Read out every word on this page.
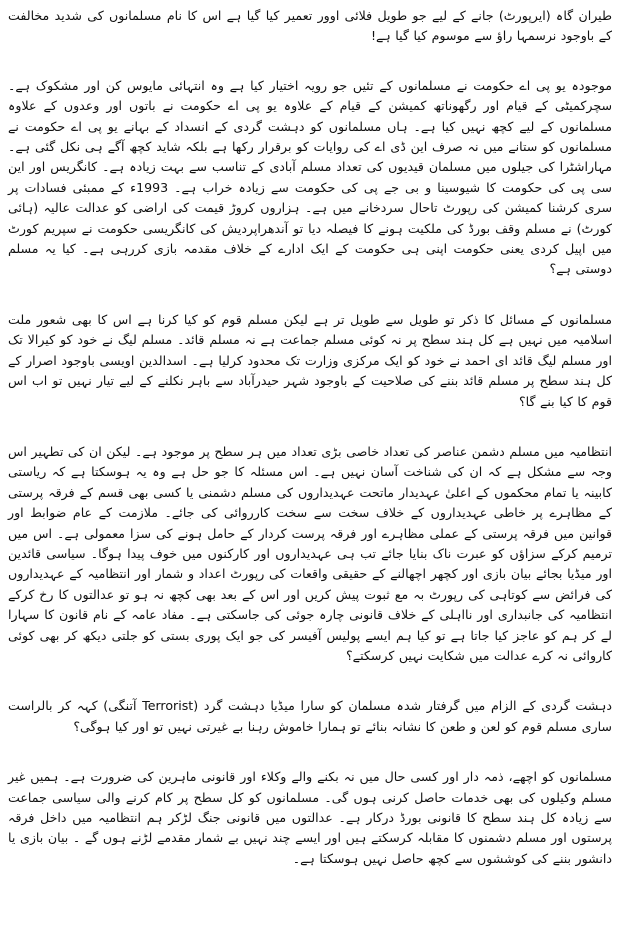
طیران گاہ (ایرپورٹ) جانے کے لیے جو طویل فلائی اوور تعمیر کیا گیا ہے اس کا نام مسلمانوں کی شدید مخالفت کے باوجود نرسمہا راؤ سے موسوم کیا گیا ہے!

موجودہ یو پی اے حکومت نے مسلمانوں کے تئیں جو رویہ اختیار کیا ہے وہ انتہائی مایوس کن اور مشکوک ہے۔ سچرکمیٹی کے قیام اور رگھوناتھ کمیشن کے قیام کے علاوہ یو پی اے حکومت نے باتوں اور وعدوں کے علاوہ مسلمانوں کے لیے کچھ نہیں کیا ہے۔ ہاں مسلمانوں کو دہشت گردی کے انسداد کے بہانے یو پی اے حکومت نے مسلمانوں کو ستانے میں نہ صرف این ڈی اے کی روایات کو برقرار رکھا ہے بلکہ شاید کچھ آگے ہی نکل گئی ہے۔ مہاراشٹرا کی جیلوں میں مسلمان قیدیوں کی تعداد مسلم آبادی کے تناسب سے بہت زیادہ ہے۔ کانگریس اور این سی پی کی حکومت کا شیوسینا و بی جے پی کی حکومت سے زیادہ خراب ہے۔ 1993ء کے ممبئی فسادات پر سری کرشنا کمیشن کی رپورٹ تاحال سردخانے میں ہے۔ ہزاروں کروڑ قیمت کی اراضی کو عدالت عالیہ (ہائی کورٹ) نے مسلم وقف بورڈ کی ملکیت ہونے کا فیصلہ دیا تو آندھراپردیش کی کانگریسی حکومت نے سپریم کورٹ میں اپیل کردی یعنی حکومت اپنی ہی حکومت کے ایک ادارے کے خلاف مقدمہ بازی کررہی ہے۔ کیا یہ مسلم دوستی ہے؟

مسلمانوں کے مسائل کا ذکر تو طویل سے طویل تر ہے لیکن مسلم قوم کو کیا کرنا ہے اس کا بھی شعور ملت اسلامیہ میں نہیں ہے کل ہند سطح پر نہ کوئی مسلم جماعت ہے نہ مسلم قائد۔ مسلم لیگ نے خود کو کیرالا تک اور مسلم لیگ قائد ای احمد نے خود کو ایک مرکزی وزارت تک محدود کرلیا ہے۔ اسدالدین اویسی باوجود اصرار کے کل ہند سطح پر مسلم قائد بننے کی صلاحیت کے باوجود شہر حیدرآباد سے باہر نکلنے کے لیے تیار نہیں تو اب اس قوم کا کیا بنے گا؟

انتظامیہ میں مسلم دشمن عناصر کی تعداد خاصی بڑی تعداد میں ہر سطح پر موجود ہے۔ لیکن ان کی تطہیر اس وجہ سے مشکل ہے کہ ان کی شناخت آسان نہیں ہے۔ اس مسئلہ کا جو حل ہے وہ یہ ہوسکتا ہے کہ ریاستی کابینہ یا تمام محکموں کے اعلیٰ عہدیدار ماتحت عہدیداروں کی مسلم دشمنی یا کسی بھی قسم کے فرقہ پرستی کے مظاہرے پر خاطی عہدیداروں کے خلاف سخت سے سخت کارروائی کی جائے۔ ملازمت کے عام ضوابط اور قوانین میں فرقہ پرستی کے عملی مظاہرے اور فرقہ پرست کردار کے حامل ہونے کی سزا معمولی ہے۔ اس میں ترمیم کرکے سزاؤں کو عبرت ناک بنایا جائے تب ہی عہدیداروں اور کارکنوں میں خوف پیدا ہوگا۔ سیاسی قائدین اور میڈیا بجائے بیان بازی اور کچھر اچھالنے کے حقیقی واقعات کی رپورٹ اعداد و شمار اور انتظامیہ کے عہدیداروں کی فرائض سے کوتاہی کی رپورٹ بہ مع ثبوت پیش کریں اور اس کے بعد بھی کچھ نہ ہو تو عدالتوں کا رخ کرکے انتظامیہ کی جانبداری اور نااہلی کے خلاف قانونی چارہ جوئی کی جاسکتی ہے۔ مفاد عامہ کے نام قانون کا سہارا لے کر ہم کو عاجز کیا جاتا ہے تو کیا ہم ایسے پولیس آفیسر کی جو ایک پوری بستی کو جلتی دیکھ کر بھی کوئی کاروائی نہ کرے عدالت میں شکایت نہیں کرسکتے؟

دہشت گردی کے الزام میں گرفتار شدہ مسلمان کو سارا میڈیا دہشت گرد (Terrorist آتنگی) کہہ کر بالراست ساری مسلم قوم کو لعن و طعن کا نشانہ بنائے تو ہمارا خاموش رہنا بے غیرتی نہیں تو اور کیا ہوگی؟

مسلمانوں کو اچھے، ذمہ دار اور کسی حال میں نہ بکنے والے وکلاء اور قانونی ماہرین کی ضرورت ہے۔ ہمیں غیر مسلم وکیلوں کی بھی خدمات حاصل کرنی ہوں گی۔ مسلمانوں کو کل سطح پر کام کرنے والی سیاسی جماعت سے زیادہ کل ہند سطح کا قانونی بورڈ درکار ہے۔ عدالتوں میں قانونی جنگ لڑکر ہم انتظامیہ میں داخل فرقہ پرستوں اور مسلم دشمنوں کا مقابلہ کرسکتے ہیں اور ایسے چند نہیں بے شمار مقدمے لڑنے ہوں گے ۔ بیان بازی یا دانشور بننے کی کوششوں سے کچھ حاصل نہیں ہوسکتا ہے۔
